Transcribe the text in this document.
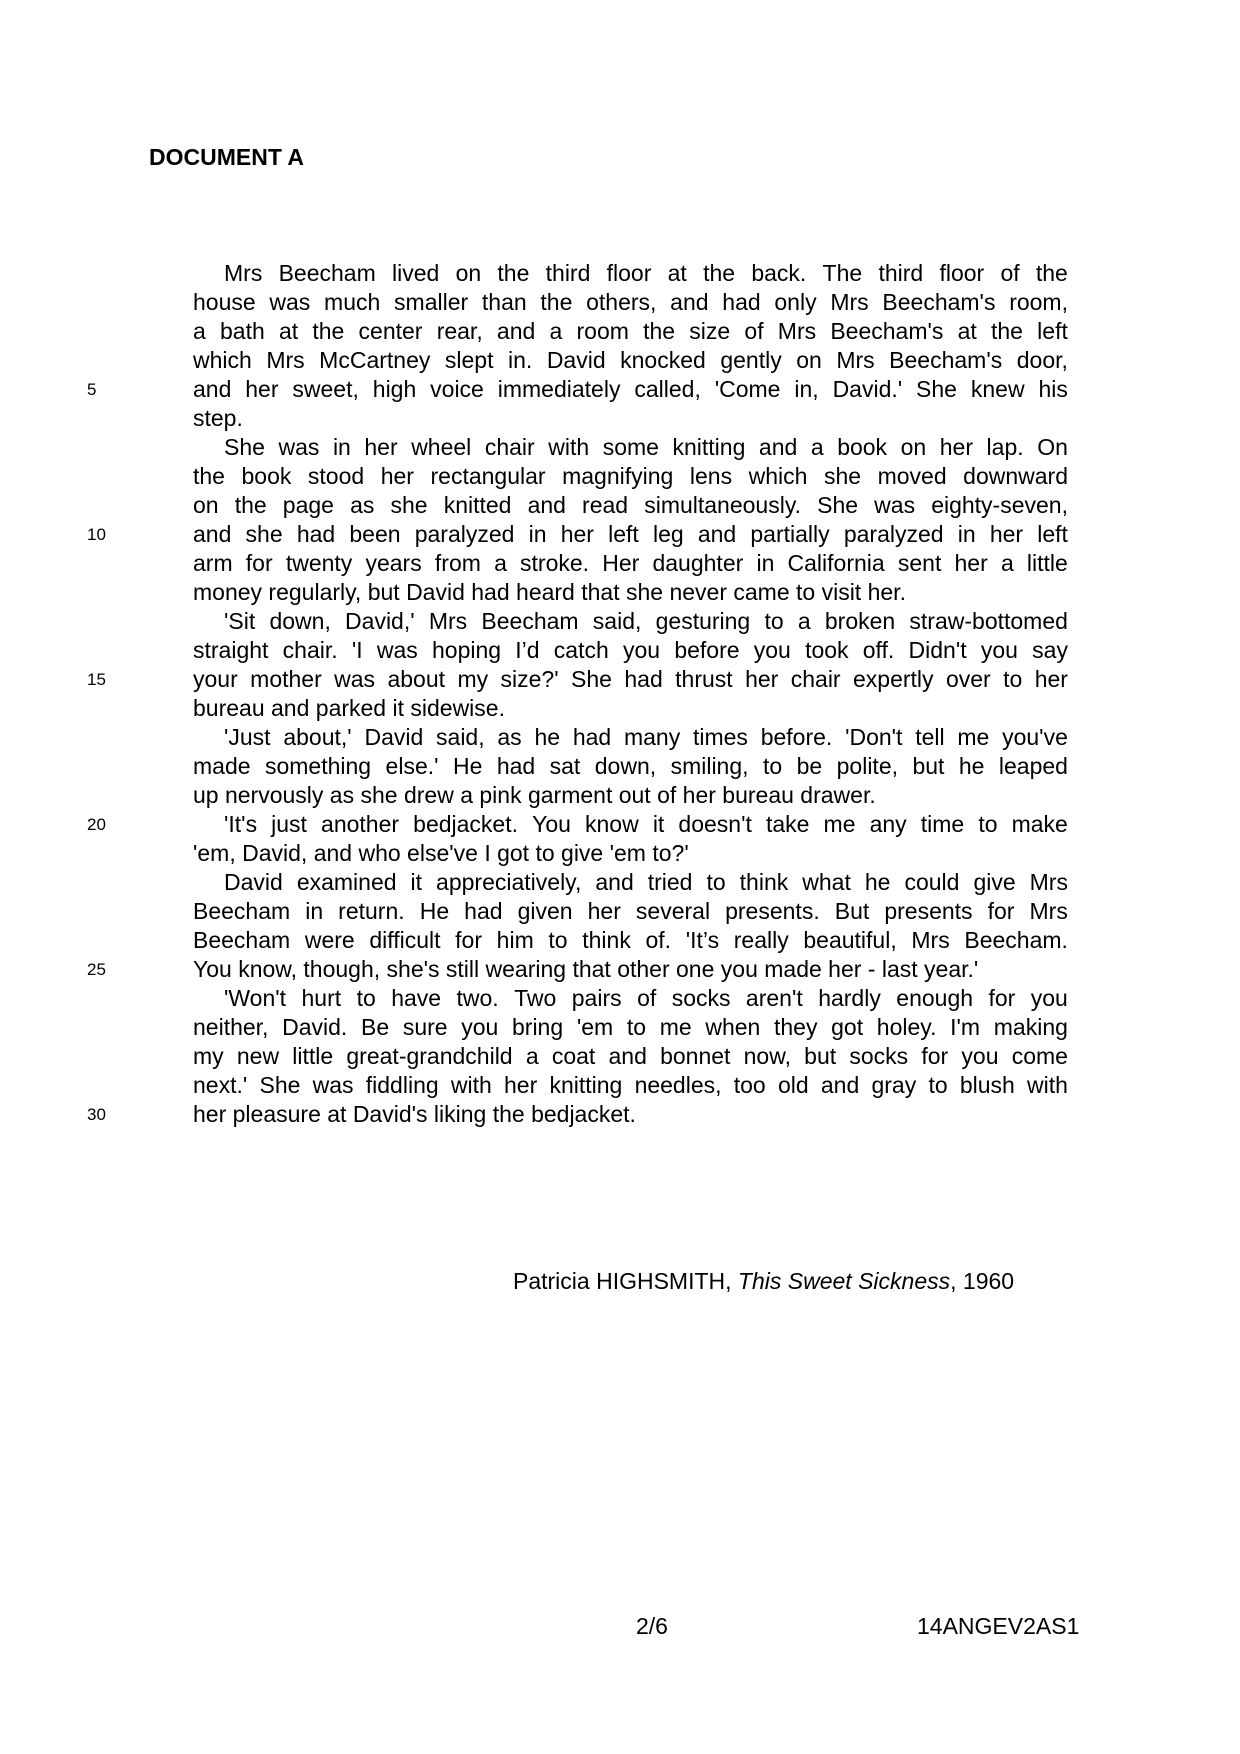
DOCUMENT A
Mrs Beecham lived on the third floor at the back. The third floor of the
house was much smaller than the others, and had only Mrs Beecham's room,
a bath at the center rear, and a room the size of Mrs Beecham's at the left
which Mrs McCartney slept in. David knocked gently on Mrs Beecham's door,
5	and her sweet, high voice immediately called, 'Come in, David.' She knew his
step.
She was in her wheel chair with some knitting and a book on her lap. On
the book stood her rectangular magnifying lens which she moved downward
on the page as she knitted and read simultaneously. She was eighty-seven,
10	and she had been paralyzed in her left leg and partially paralyzed in her left
arm for twenty years from a stroke. Her daughter in California sent her a little
money regularly, but David had heard that she never came to visit her.
'Sit down, David,' Mrs Beecham said, gesturing to a broken straw-bottomed
straight chair. 'I was hoping I’d catch you before you took off. Didn't you say
15	your mother was about my size?' She had thrust her chair expertly over to her
bureau and parked it sidewise.
'Just about,' David said, as he had many times before. 'Don't tell me you've
made something else.' He had sat down, smiling, to be polite, but he leaped
up nervously as she drew a pink garment out of her bureau drawer.
20	'It's just another bedjacket. You know it doesn't take me any time to make
'em, David, and who else've I got to give 'em to?'
David examined it appreciatively, and tried to think what he could give Mrs
Beecham in return. He had given her several presents. But presents for Mrs
Beecham were difficult for him to think of. 'It’s really beautiful, Mrs Beecham.
25	You know, though, she's still wearing that other one you made her - last year.'
'Won't hurt to have two. Two pairs of socks aren't hardly enough for you
neither, David. Be sure you bring 'em to me when they got holey. I'm making
my new little great-grandchild a coat and bonnet now, but socks for you come
next.' She was fiddling with her knitting needles, too old and gray to blush with
30	her pleasure at David's liking the bedjacket.
Patricia HIGHSMITH, This Sweet Sickness, 1960
2/6	14ANGEV2AS1
